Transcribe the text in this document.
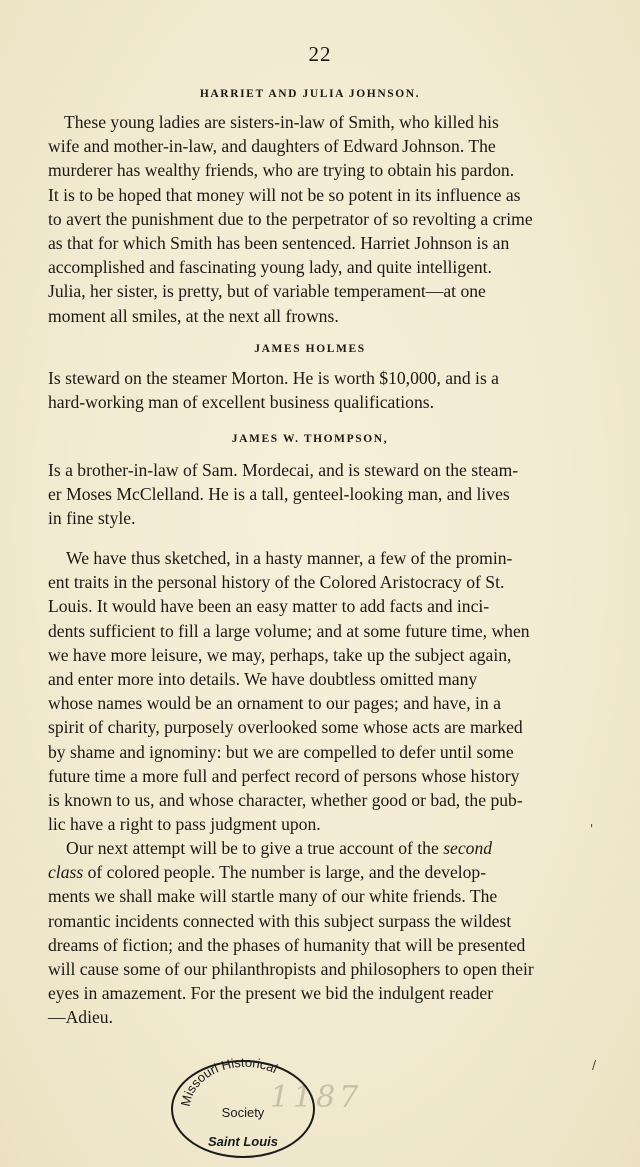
22
HARRIET AND JULIA JOHNSON.

These young ladies are sisters-in-law of Smith, who killed his
wife and mother-in-law, and daughters of Edward Johnson. The
murderer has wealthy friends, who are trying to obtain his pardon.
It is to be hoped that money will not be so potent in its influence as
to avert the punishment due to the perpetrator of so revolting a crime
as that for which Smith has been sentenced. Harriet Johnson is an
accomplished and fascinating young lady, and quite intelligent.
Julia, her sister, is pretty, but of variable temperament—at one
moment all smiles, at the next all frowns.

JAMES HOLMES
Is steward on the steamer Morton. He is worth $10,000, and is a
hard-working man of excellent business qualifications.
JAMES W. THOMPSON,
Is a brother-in-law of Sam. Mordecai, and is steward on the steam-
er Moses McClelland. He is a tall, genteel-looking man, and lives
in fine style.
We have thus sketched, in a hasty manner, a few of the promin-
ent traits in the personal history of the Colored Aristocracy of St.
Louis. It would have been an easy matter to add facts and inci-
dents sufficient to fill a large volume; and at some future time, when
we have more leisure, we may, perhaps, take up the subject again,
and enter more into details. We have doubtless omitted many
whose names would be an ornament to our pages; and have, in a
spirit of charity, purposely overlooked some whose acts are marked
by shame and ignominy: but we are compelled to defer until some
future time a more full and perfect record of persons whose history
is known to us, and whose character, whether good or bad, the pub-
lic have a right to pass judgment upon.
Our next attempt will be to give a true account of the second
class of colored people. The number is large, and the develop-
ments we shall make will startle many of our white friends. The
romantic incidents connected with this subject surpass the wildest
dreams of fiction; and the phases of humanity that will be presented
will cause some of our philanthropists and philosophers to open their
eyes in amazement. For the present we bid the indulgent reader
—Adieu.
'
/
1187
Missouri Historical
Society
Saint Louis
